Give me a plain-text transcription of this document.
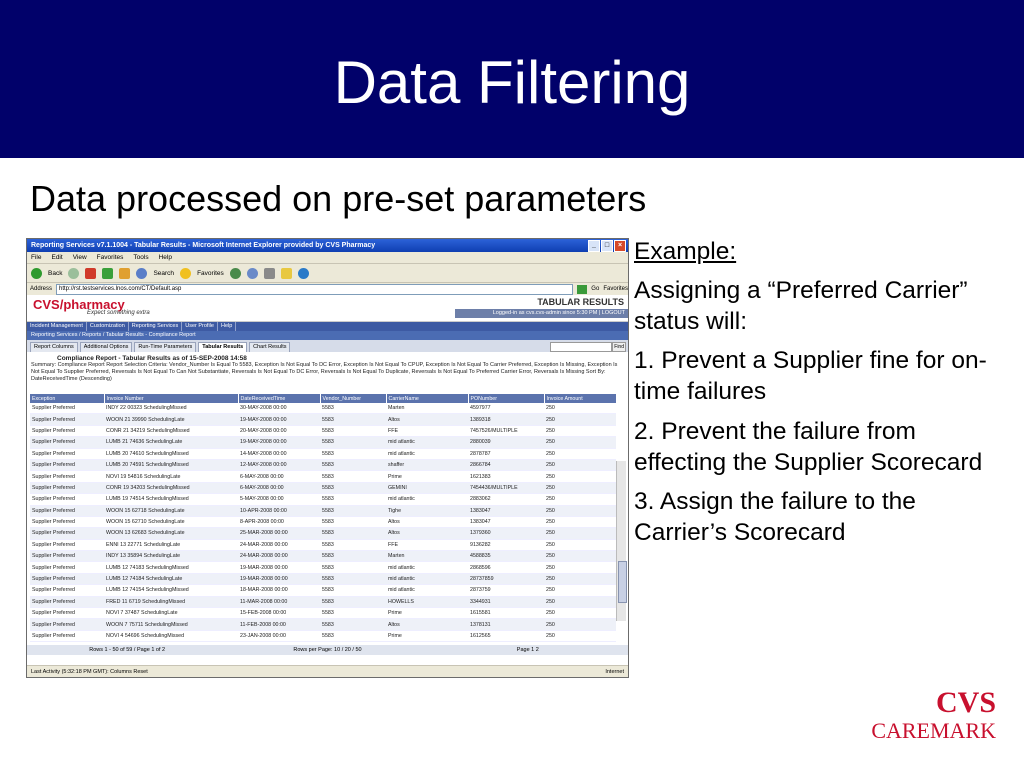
Data Filtering
Data processed on pre-set parameters
Reporting Services v7.1.1004 - Tabular Results - Microsoft Internet Explorer provided by CVS Pharmacy	_	□	×
File Edit View Favorites Tools Help
Back	Search	Favorites
Address	http://rst.testservices.lnos.com/CT/Default.asp	Go Favorites
CVS/pharmacy
Expect something extra
TABULAR RESULTS
Logged-in as cvs.cvs-admin since 5:30 PM | LOGOUT
Incident Management	Customization	Reporting Services	User Profile	Help
Reporting Services / Reports / Tabular Results - Compliance Report
Report Columns	Additional Options	Run-Time Parameters	Tabular Results	Chart Results	Find
Compliance Report - Tabular Results as of 15-SEP-2008 14:58
Summary: Compliance Report Report Selection Criteria: Vendor_Number Is Equal To 5583, Exception Is Not Equal To DC Error, Exception Is Not Equal To CPUP, Exception Is Not Equal To Carrier Preferred, Exception Is Missing, Exception Is Not Equal To Supplier Preferred, Reversals Is Not Equal To Can Not Substantiate, Reversals Is Not Equal To DC Error, Reversals Is Not Equal To Duplicate, Reversals Is Not Equal To Preferred Carrier Error, Reversals Is Missing Sort By: DateReceivedTime (Descending)
Exception	Invoice Number	DateReceivedTime	Vendor_Number	CarrierName	PONumber	Invoice Amount
Supplier Preferred	INDY 22 00323 SchedulingMissed	30-MAY-2008 00:00	5583	Marten	4597977	250
Supplier Preferred	WOON 21 39990 SchedulingLate	19-MAY-2008 00:00	5583	Altos	1389318	250
Supplier Preferred	CONR 21 34219 SchedulingMissed	20-MAY-2008 00:00	5583	FFE	7457526/MULTIPLE	250
Supplier Preferred	LUMB 21 74636 SchedulingLate	19-MAY-2008 00:00	5583	mid atlantic	2880039	250
Supplier Preferred	LUMB 20 74610 SchedulingMissed	14-MAY-2008 00:00	5583	mid atlantic	2878787	250
Supplier Preferred	LUMB 20 74591 SchedulingMissed	12-MAY-2008 00:00	5583	shaffer	2866784	250
Supplier Preferred	NOVI 19 54816 SchedulingLate	6-MAY-2008 00:00	5583	Prime	1621383	250
Supplier Preferred	CONR 19 34203 SchedulingMissed	6-MAY-2008 00:00	5583	GEMINI	7454436/MULTIPLE	250
Supplier Preferred	LUMB 19 74514 SchedulingMissed	5-MAY-2008 00:00	5583	mid atlantic	2883062	250
Supplier Preferred	WOON 15 62718 SchedulingLate	10-APR-2008 00:00	5583	Tighe	1383047	250
Supplier Preferred	WOON 15 62710 SchedulingLate	8-APR-2008 00:00	5583	Altos	1383047	250
Supplier Preferred	WOON 13 62683 SchedulingLate	25-MAR-2008 00:00	5583	Altos	1379360	250
Supplier Preferred	ENNI 13 22771 SchedulingLate	24-MAR-2008 00:00	5583	FFE	9136282	250
Supplier Preferred	INDY 13 35894 SchedulingLate	24-MAR-2008 00:00	5583	Marten	4588835	250
Supplier Preferred	LUMB 12 74183 SchedulingMissed	19-MAR-2008 00:00	5583	mid atlantic	2868596	250
Supplier Preferred	LUMB 12 74184 SchedulingLate	19-MAR-2008 00:00	5583	mid atlantic	28737859	250
Supplier Preferred	LUMB 12 74154 SchedulingMissed	18-MAR-2008 00:00	5583	mid atlantic	2873759	250
Supplier Preferred	FRED 11 6719 SchedulingMissed	11-MAR-2008 00:00	5583	HOWELLS	3344931	250
Supplier Preferred	NOVI 7 37487 SchedulingLate	15-FEB-2008 00:00	5583	Prime	1615581	250
Supplier Preferred	WOON 7 75711 SchedulingMissed	11-FEB-2008 00:00	5583	Altos	1378131	250
Supplier Preferred	NOVI 4 54696 SchedulingMissed	23-JAN-2008 00:00	5583	Prime	1612565	250
Rows 1 - 50 of 59 / Page 1 of 2	Rows per Page: 10 / 20 / 50	Page 1 2
Last Activity (5:32:18 PM GMT): Columns Reset	Internet

Example:

Assigning a “Preferred Carrier” status will:

1. Prevent a Supplier fine for on-time failures

2. Prevent the failure from effecting the Supplier Scorecard

3. Assign the failure to the Carrier’s Scorecard

CVS
CAREMARK
